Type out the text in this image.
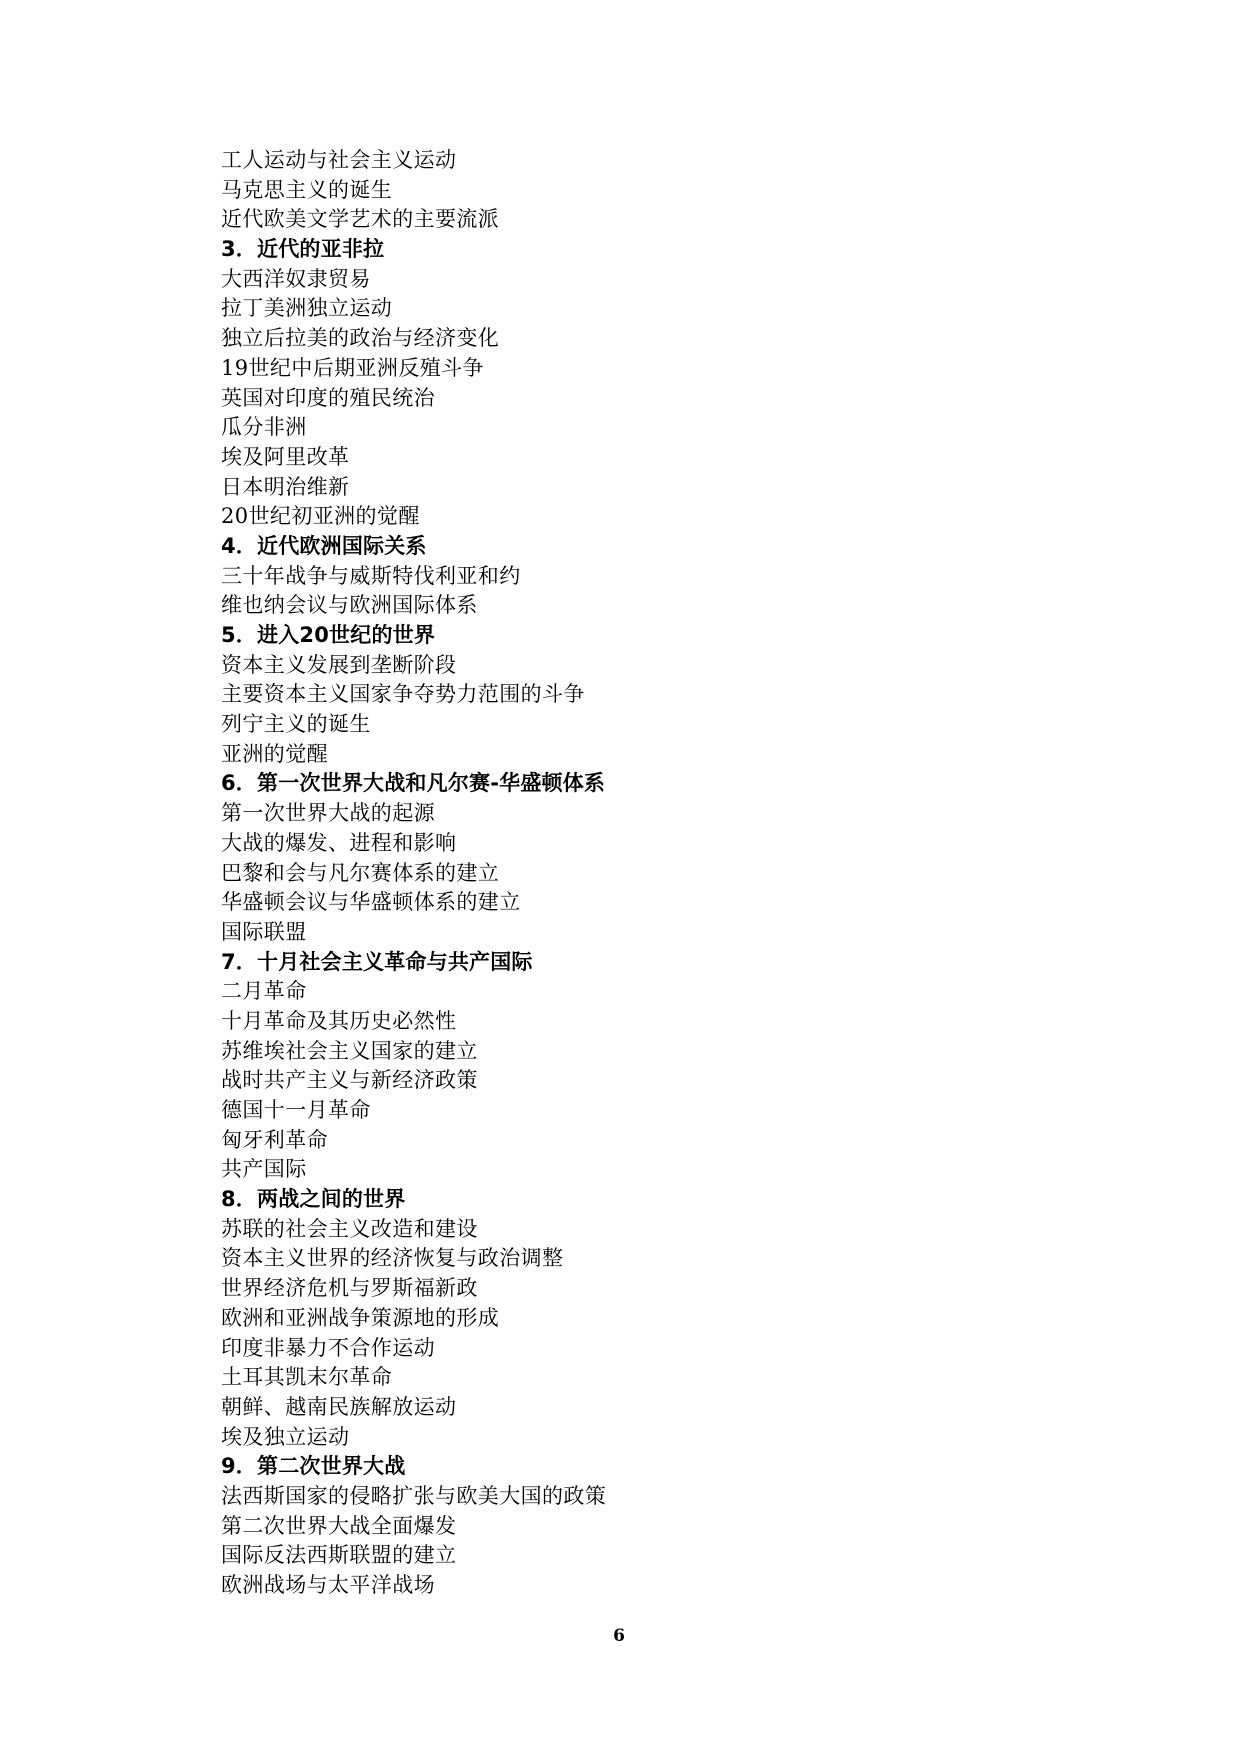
工人运动与社会主义运动
马克思主义的诞生
近代欧美文学艺术的主要流派
3．近代的亚非拉
大西洋奴隶贸易
拉丁美洲独立运动
独立后拉美的政治与经济变化
19世纪中后期亚洲反殖斗争
英国对印度的殖民统治
瓜分非洲
埃及阿里改革
日本明治维新
20世纪初亚洲的觉醒
4．近代欧洲国际关系
三十年战争与威斯特伐利亚和约
维也纳会议与欧洲国际体系
5．进入20世纪的世界
资本主义发展到垄断阶段
主要资本主义国家争夺势力范围的斗争
列宁主义的诞生
亚洲的觉醒
6．第一次世界大战和凡尔赛-华盛顿体系
第一次世界大战的起源
大战的爆发、进程和影响
巴黎和会与凡尔赛体系的建立
华盛顿会议与华盛顿体系的建立
国际联盟
7．十月社会主义革命与共产国际
二月革命
十月革命及其历史必然性
苏维埃社会主义国家的建立
战时共产主义与新经济政策
德国十一月革命
匈牙利革命
共产国际
8．两战之间的世界
苏联的社会主义改造和建设
资本主义世界的经济恢复与政治调整
世界经济危机与罗斯福新政
欧洲和亚洲战争策源地的形成
印度非暴力不合作运动
土耳其凯末尔革命
朝鲜、越南民族解放运动
埃及独立运动
9．第二次世界大战
法西斯国家的侵略扩张与欧美大国的政策
第二次世界大战全面爆发
国际反法西斯联盟的建立
欧洲战场与太平洋战场
6
